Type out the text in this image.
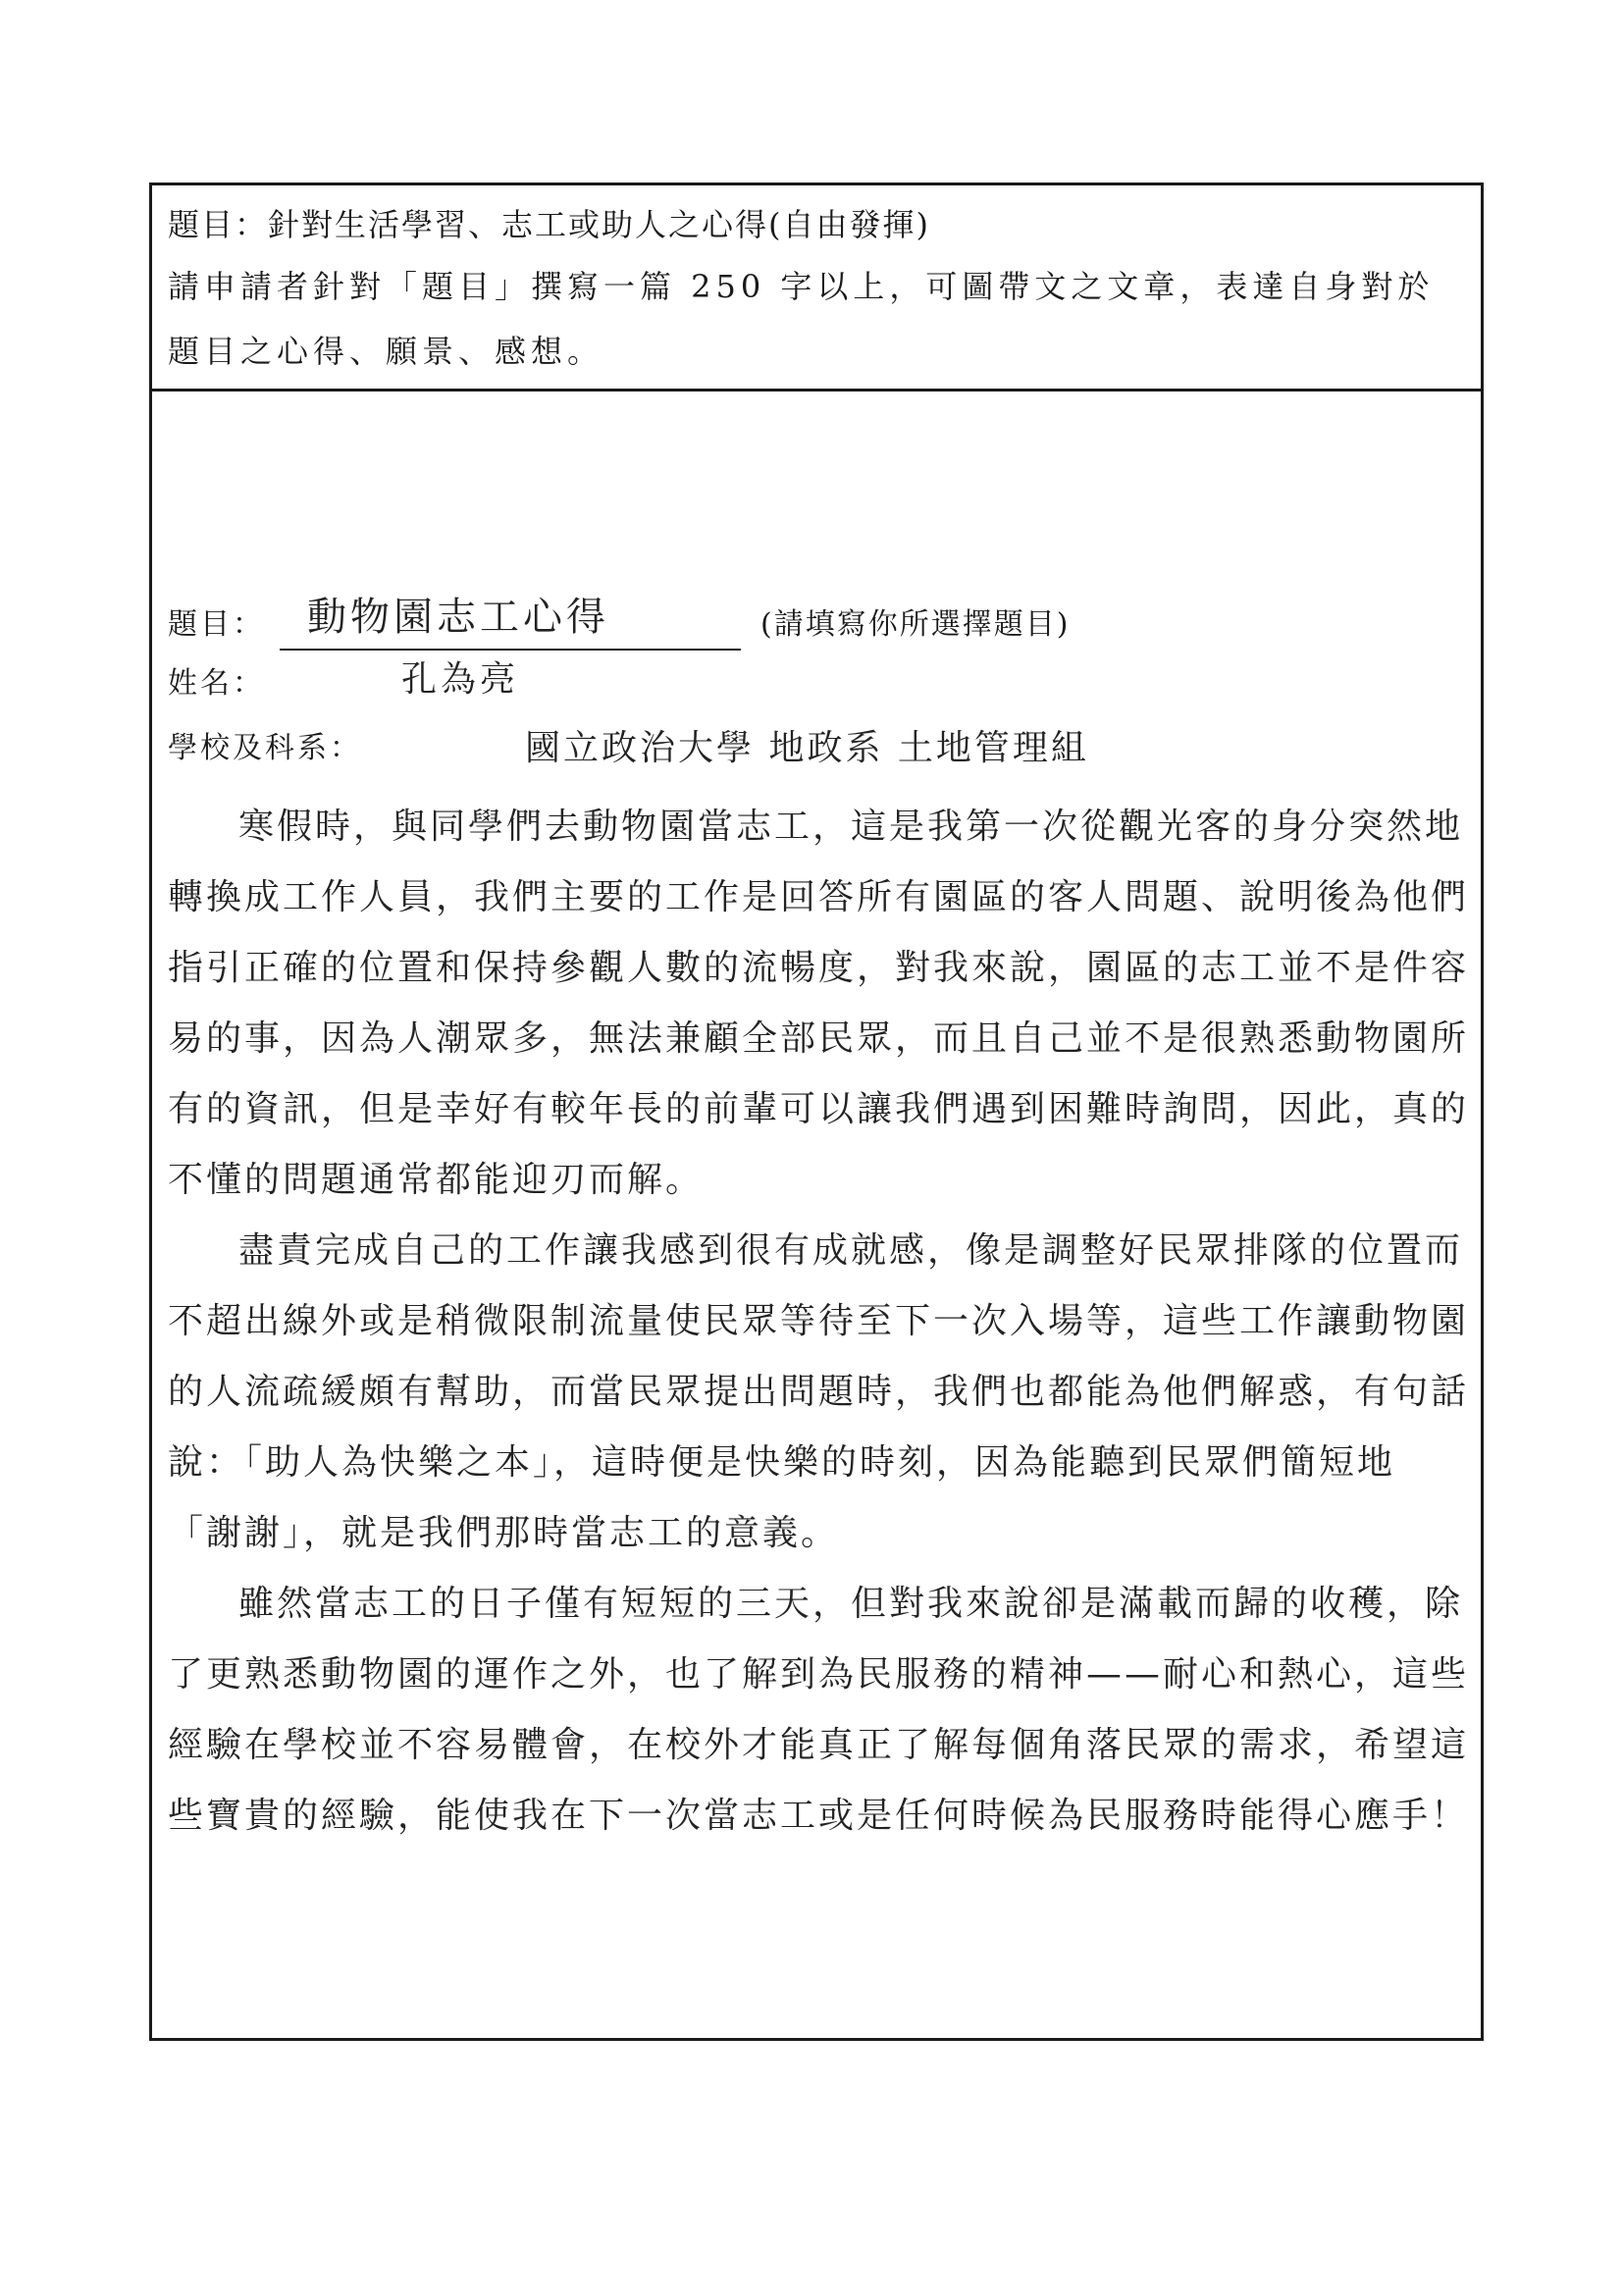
題目：針對生活學習、志工或助人之心得(自由發揮)
請申請者針對「題目」撰寫一篇 250 字以上，可圖帶文之文章，表達自身對於題目之心得、願景、感想。
題目：	動物園志工心得	(請填寫你所選擇題目)
姓名：	孔為亮
學校及科系：	國立政治大學 地政系 土地管理組

寒假時，與同學們去動物園當志工，這是我第一次從觀光客的身分突然地轉換成工作人員，我們主要的工作是回答所有園區的客人問題、說明後為他們指引正確的位置和保持參觀人數的流暢度，對我來說，園區的志工並不是件容易的事，因為人潮眾多，無法兼顧全部民眾，而且自己並不是很熟悉動物園所有的資訊，但是幸好有較年長的前輩可以讓我們遇到困難時詢問，因此，真的不懂的問題通常都能迎刃而解。

盡責完成自己的工作讓我感到很有成就感，像是調整好民眾排隊的位置而不超出線外或是稍微限制流量使民眾等待至下一次入場等，這些工作讓動物園的人流疏緩頗有幫助，而當民眾提出問題時，我們也都能為他們解惑，有句話說：「助人為快樂之本」，這時便是快樂的時刻，因為能聽到民眾們簡短地「謝謝」，就是我們那時當志工的意義。

雖然當志工的日子僅有短短的三天，但對我來說卻是滿載而歸的收穫，除了更熟悉動物園的運作之外，也了解到為民服務的精神——耐心和熱心，這些經驗在學校並不容易體會，在校外才能真正了解每個角落民眾的需求，希望這些寶貴的經驗，能使我在下一次當志工或是任何時候為民服務時能得心應手！
